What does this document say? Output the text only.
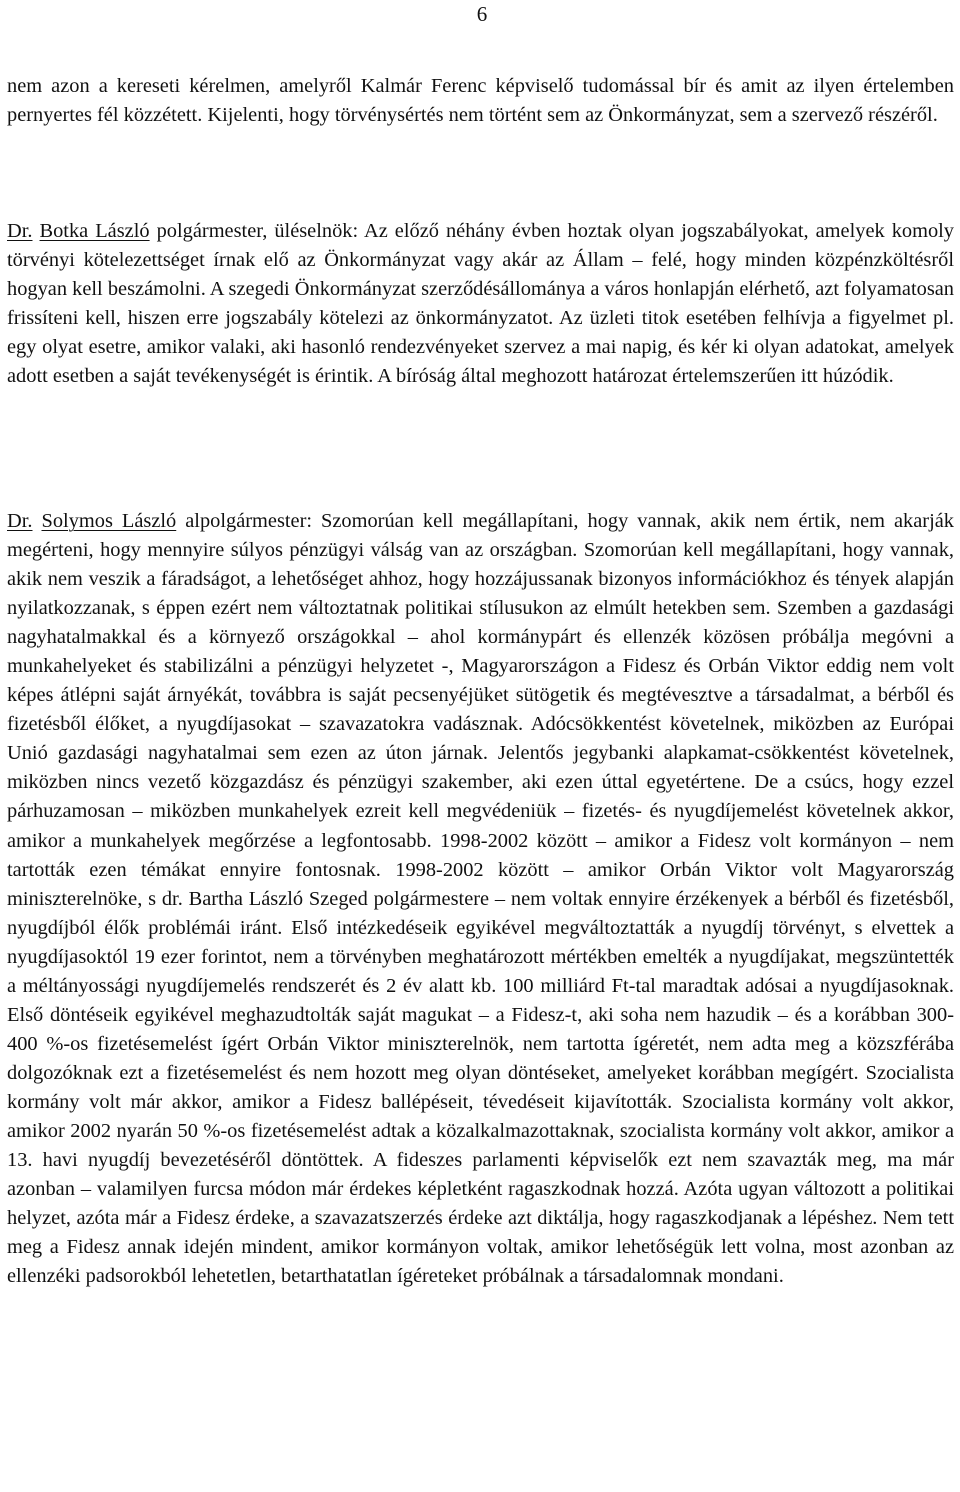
6

nem azon a kereseti kérelmen, amelyről Kalmár Ferenc képviselő tudomással bír és amit az ilyen értelemben pernyertes fél közzétett. Kijelenti, hogy törvénysértés nem történt sem az Önkormányzat, sem a szervező részéről.

Dr. Botka László polgármester, üléselnök: Az előző néhány évben hoztak olyan jogszabályokat, amelyek komoly törvényi kötelezettséget írnak elő az Önkormányzat vagy akár az Állam – felé, hogy minden közpénzköltésről hogyan kell beszámolni. A szegedi Önkormányzat szerződésállománya a város honlapján elérhető, azt folyamatosan frissíteni kell, hiszen erre jogszabály kötelezi az önkormányzatot. Az üzleti titok esetében felhívja a figyelmet pl. egy olyat esetre, amikor valaki, aki hasonló rendezvényeket szervez a mai napig, és kér ki olyan adatokat, amelyek adott esetben a saját tevékenységét is érintik. A bíróság által meghozott határozat értelemszerűen itt húzódik.

Dr. Solymos László alpolgármester: Szomorúan kell megállapítani, hogy vannak, akik nem értik, nem akarják megérteni, hogy mennyire súlyos pénzügyi válság van az országban. Szomorúan kell megállapítani, hogy vannak, akik nem veszik a fáradságot, a lehetőséget ahhoz, hogy hozzájussanak bizonyos információkhoz és tények alapján nyilatkozzanak, s éppen ezért nem változtatnak politikai stílusukon az elmúlt hetekben sem. Szemben a gazdasági nagyhatalmakkal és a környező országokkal – ahol kormánypárt és ellenzék közösen próbálja megóvni a munkahelyeket és stabilizálni a pénzügyi helyzetet -, Magyarországon a Fidesz és Orbán Viktor eddig nem volt képes átlépni saját árnyékát, továbbra is saját pecsenyéjüket sütögetik és megtévesztve a társadalmat, a bérből és fizetésből élőket, a nyugdíjasokat – szavazatokra vadásznak. Adócsökkentést követelnek, miközben az Európai Unió gazdasági nagyhatalmai sem ezen az úton járnak. Jelentős jegybanki alapkamat-csökkentést követelnek, miközben nincs vezető közgazdász és pénzügyi szakember, aki ezen úttal egyetértene. De a csúcs, hogy ezzel párhuzamosan – miközben munkahelyek ezreit kell megvédeniük – fizetés- és nyugdíjemelést követelnek akkor, amikor a munkahelyek megőrzése a legfontosabb. 1998-2002 között – amikor a Fidesz volt kormányon – nem tartották ezen témákat ennyire fontosnak. 1998-2002 között – amikor Orbán Viktor volt Magyarország miniszterelnöke, s dr. Bartha László Szeged polgármestere – nem voltak ennyire érzékenyek a bérből és fizetésből, nyugdíjból élők problémái iránt. Első intézkedéseik egyikével megváltoztatták a nyugdíj törvényt, s elvettek a nyugdíjasoktól 19 ezer forintot, nem a törvényben meghatározott mértékben emelték a nyugdíjakat, megszüntették a méltányossági nyugdíjemelés rendszerét és 2 év alatt kb. 100 milliárd Ft-tal maradtak adósai a nyugdíjasoknak. Első döntéseik egyikével meghazudtolták saját magukat – a Fidesz-t, aki soha nem hazudik – és a korábban 300-400 %-os fizetésemelést ígért Orbán Viktor miniszterelnök, nem tartotta ígéretét, nem adta meg a közszférába dolgozóknak ezt a fizetésemelést és nem hozott meg olyan döntéseket, amelyeket korábban megígért. Szocialista kormány volt már akkor, amikor a Fidesz ballépéseit, tévedéseit kijavították. Szocialista kormány volt akkor, amikor 2002 nyarán 50 %-os fizetésemelést adtak a közalkalmazottaknak, szocialista kormány volt akkor, amikor a 13. havi nyugdíj bevezetéséről döntöttek. A fideszes parlamenti képviselők ezt nem szavazták meg, ma már azonban – valamilyen furcsa módon már érdekes képletként ragaszkodnak hozzá. Azóta ugyan változott a politikai helyzet, azóta már a Fidesz érdeke, a szavazatszerzés érdeke azt diktálja, hogy ragaszkodjanak a lépéshez. Nem tett meg a Fidesz annak idején mindent, amikor kormányon voltak, amikor lehetőségük lett volna, most azonban az ellenzéki padsorokból lehetetlen, betarthatatlan ígéreteket próbálnak a társadalomnak mondani.
